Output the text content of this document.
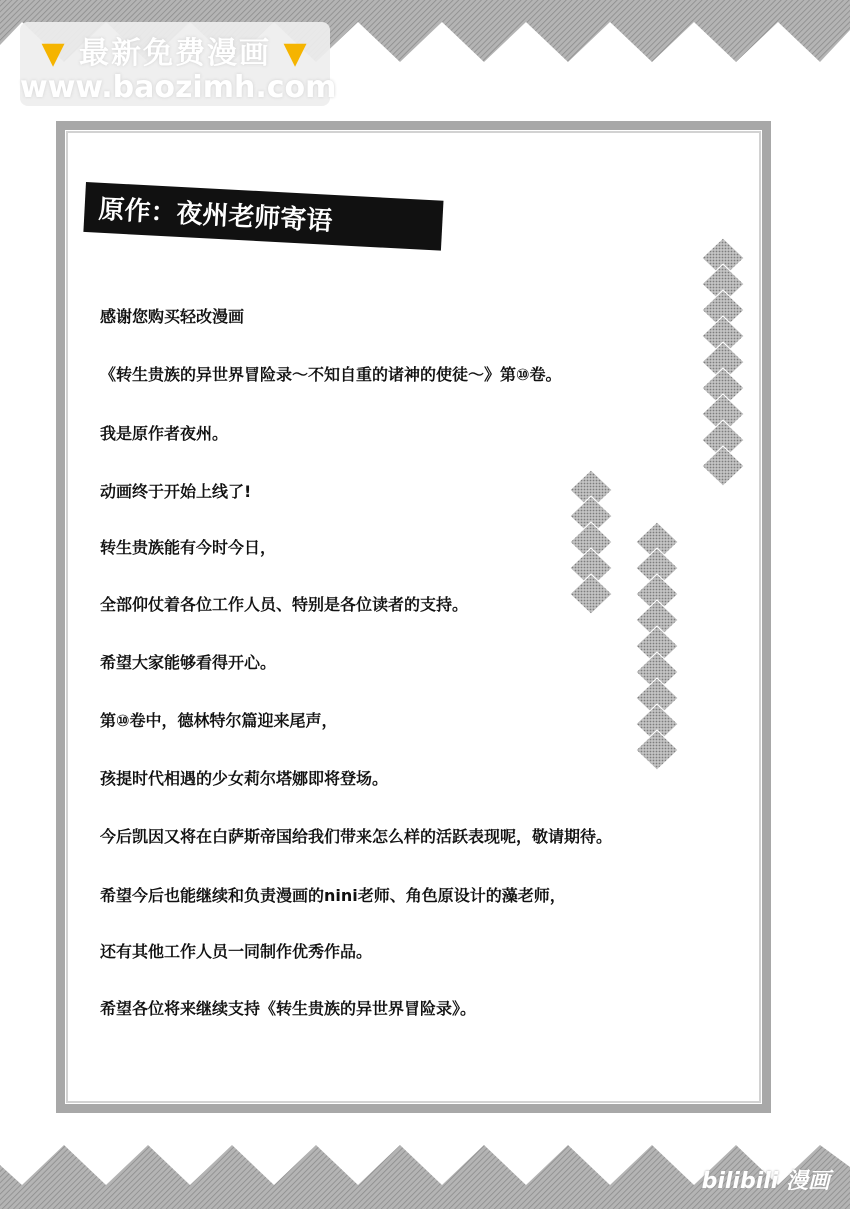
▼ 最新免费漫画 ▼
www.baozimh.com
原作：夜州老师寄语
感谢您购买轻改漫画
《转生贵族的异世界冒险录～不知自重的诸神的使徒～》第⑩卷。
我是原作者夜州。
动画终于开始上线了!
转生贵族能有今时今日，
全部仰仗着各位工作人员、特别是各位读者的支持。
希望大家能够看得开心。
第⑩卷中，德林特尔篇迎来尾声，
孩提时代相遇的少女莉尔塔娜即将登场。
今后凯因又将在白萨斯帝国给我们带来怎么样的活跃表现呢，敬请期待。
希望今后也能继续和负责漫画的nini老师、角色原设计的藻老师，
还有其他工作人员一同制作优秀作品。
希望各位将来继续支持《转生贵族的异世界冒险录》。
bilibili 漫画
